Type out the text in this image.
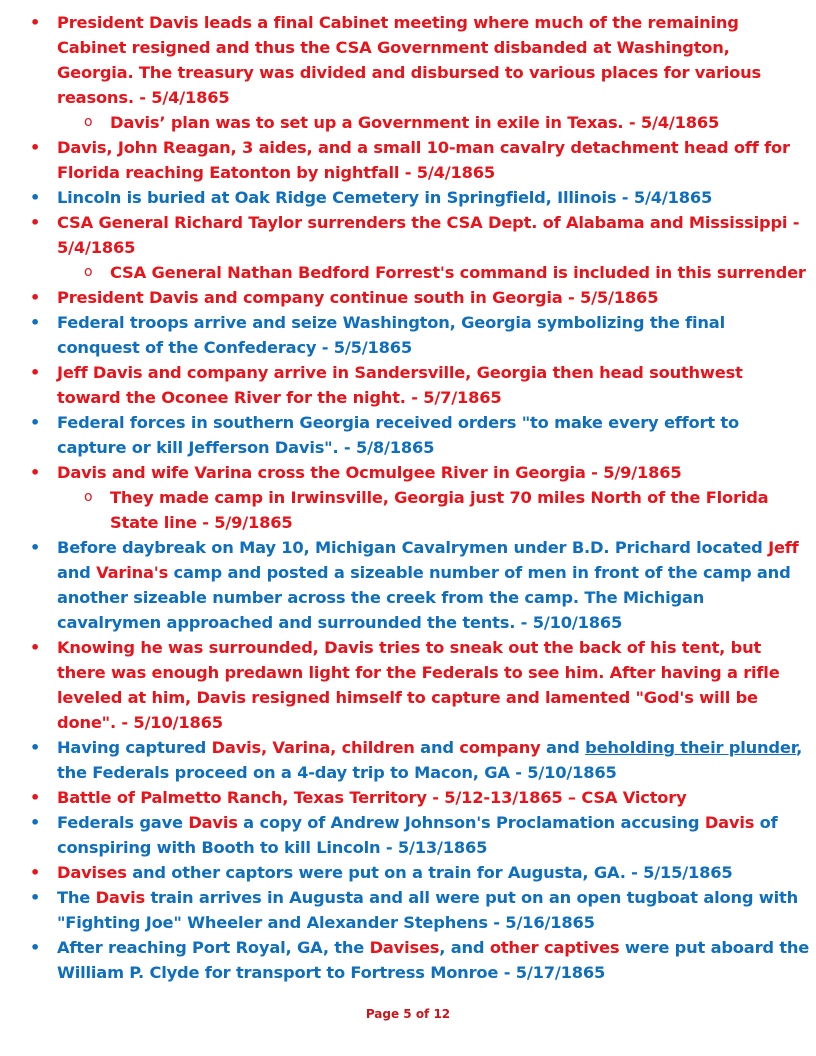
• President Davis leads a final Cabinet meeting where much of the remaining Cabinet resigned and thus the CSA Government disbanded at Washington, Georgia. The treasury was divided and disbursed to various places for various reasons. - 5/4/1865
o Davis’ plan was to set up a Government in exile in Texas. - 5/4/1865
• Davis, John Reagan, 3 aides, and a small 10-man cavalry detachment head off for Florida reaching Eatonton by nightfall - 5/4/1865
• Lincoln is buried at Oak Ridge Cemetery in Springfield, Illinois - 5/4/1865
• CSA General Richard Taylor surrenders the CSA Dept. of Alabama and Mississippi - 5/4/1865
o CSA General Nathan Bedford Forrest's command is included in this surrender
• President Davis and company continue south in Georgia - 5/5/1865
• Federal troops arrive and seize Washington, Georgia symbolizing the final conquest of the Confederacy - 5/5/1865
• Jeff Davis and company arrive in Sandersville, Georgia then head southwest toward the Oconee River for the night. - 5/7/1865
• Federal forces in southern Georgia received orders "to make every effort to capture or kill Jefferson Davis". - 5/8/1865
• Davis and wife Varina cross the Ocmulgee River in Georgia - 5/9/1865
o They made camp in Irwinsville, Georgia just 70 miles North of the Florida State line - 5/9/1865
• Before daybreak on May 10, Michigan Cavalrymen under B.D. Prichard located Jeff and Varina's camp and posted a sizeable number of men in front of the camp and another sizeable number across the creek from the camp. The Michigan cavalrymen approached and surrounded the tents. - 5/10/1865
• Knowing he was surrounded, Davis tries to sneak out the back of his tent, but there was enough predawn light for the Federals to see him. After having a rifle leveled at him, Davis resigned himself to capture and lamented "God's will be done". - 5/10/1865
• Having captured Davis, Varina, children and company and beholding their plunder, the Federals proceed on a 4-day trip to Macon, GA - 5/10/1865
• Battle of Palmetto Ranch, Texas Territory - 5/12-13/1865 – CSA Victory
• Federals gave Davis a copy of Andrew Johnson's Proclamation accusing Davis of conspiring with Booth to kill Lincoln - 5/13/1865
• Davises and other captors were put on a train for Augusta, GA. - 5/15/1865
• The Davis train arrives in Augusta and all were put on an open tugboat along with "Fighting Joe" Wheeler and Alexander Stephens - 5/16/1865
• After reaching Port Royal, GA, the Davises, and other captives were put aboard the William P. Clyde for transport to Fortress Monroe - 5/17/1865
Page 5 of 12
